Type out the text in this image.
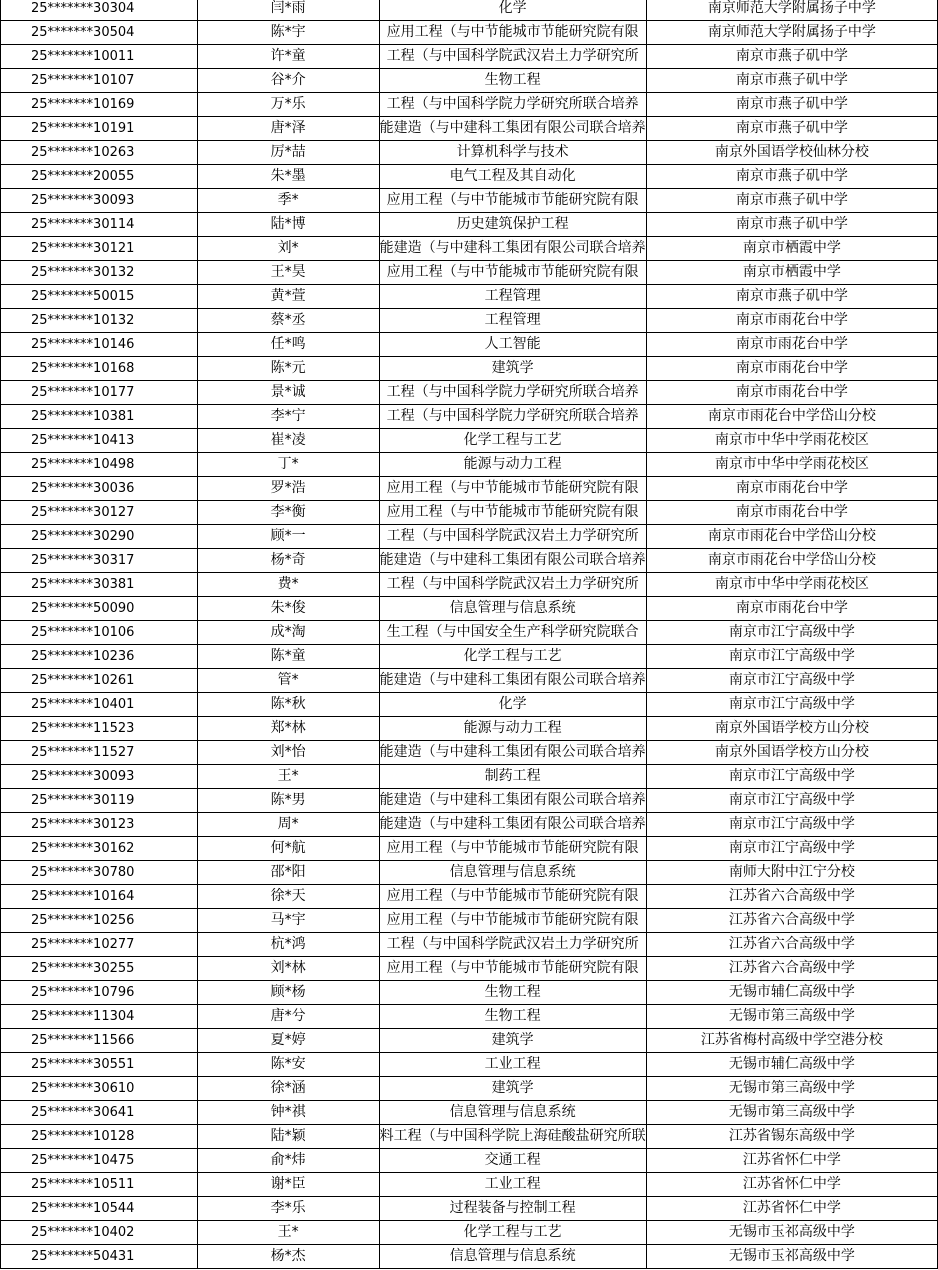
25*******30304	闫*雨	化学	南京师范大学附属扬子中学
25*******30504	陈*宇	应用工程（与中节能城市节能研究院有限	南京师范大学附属扬子中学
25*******10011	许*童	工程（与中国科学院武汉岩土力学研究所	南京市燕子矶中学
25*******10107	谷*介	生物工程	南京市燕子矶中学
25*******10169	万*乐	工程（与中国科学院力学研究所联合培养	南京市燕子矶中学
25*******10191	唐*泽	能建造（与中建科工集团有限公司联合培养	南京市燕子矶中学
25*******10263	厉*喆	计算机科学与技术	南京外国语学校仙林分校
25*******20055	朱*墨	电气工程及其自动化	南京市燕子矶中学
25*******30093	季*	应用工程（与中节能城市节能研究院有限	南京市燕子矶中学
25*******30114	陆*博	历史建筑保护工程	南京市燕子矶中学
25*******30121	刘*	能建造（与中建科工集团有限公司联合培养	南京市栖霞中学
25*******30132	王*昊	应用工程（与中节能城市节能研究院有限	南京市栖霞中学
25*******50015	黄*萱	工程管理	南京市燕子矶中学
25*******10132	蔡*丞	工程管理	南京市雨花台中学
25*******10146	任*鸣	人工智能	南京市雨花台中学
25*******10168	陈*元	建筑学	南京市雨花台中学
25*******10177	景*诚	工程（与中国科学院力学研究所联合培养	南京市雨花台中学
25*******10381	李*宁	工程（与中国科学院力学研究所联合培养	南京市雨花台中学岱山分校
25*******10413	崔*凌	化学工程与工艺	南京市中华中学雨花校区
25*******10498	丁*	能源与动力工程	南京市中华中学雨花校区
25*******30036	罗*浩	应用工程（与中节能城市节能研究院有限	南京市雨花台中学
25*******30127	李*衡	应用工程（与中节能城市节能研究院有限	南京市雨花台中学
25*******30290	顾*一	工程（与中国科学院武汉岩土力学研究所	南京市雨花台中学岱山分校
25*******30317	杨*奇	能建造（与中建科工集团有限公司联合培养	南京市雨花台中学岱山分校
25*******30381	费*	工程（与中国科学院武汉岩土力学研究所	南京市中华中学雨花校区
25*******50090	朱*俊	信息管理与信息系统	南京市雨花台中学
25*******10106	成*淘	生工程（与中国安全生产科学研究院联合	南京市江宁高级中学
25*******10236	陈*童	化学工程与工艺	南京市江宁高级中学
25*******10261	管*	能建造（与中建科工集团有限公司联合培养	南京市江宁高级中学
25*******10401	陈*秋	化学	南京市江宁高级中学
25*******11523	郑*林	能源与动力工程	南京外国语学校方山分校
25*******11527	刘*怡	能建造（与中建科工集团有限公司联合培养	南京外国语学校方山分校
25*******30093	王*	制药工程	南京市江宁高级中学
25*******30119	陈*男	能建造（与中建科工集团有限公司联合培养	南京市江宁高级中学
25*******30123	周*	能建造（与中建科工集团有限公司联合培养	南京市江宁高级中学
25*******30162	何*航	应用工程（与中节能城市节能研究院有限	南京市江宁高级中学
25*******30780	邵*阳	信息管理与信息系统	南师大附中江宁分校
25*******10164	徐*天	应用工程（与中节能城市节能研究院有限	江苏省六合高级中学
25*******10256	马*宇	应用工程（与中节能城市节能研究院有限	江苏省六合高级中学
25*******10277	杭*鸿	工程（与中国科学院武汉岩土力学研究所	江苏省六合高级中学
25*******30255	刘*林	应用工程（与中节能城市节能研究院有限	江苏省六合高级中学
25*******10796	顾*杨	生物工程	无锡市辅仁高级中学
25*******11304	唐*兮	生物工程	无锡市第三高级中学
25*******11566	夏*婷	建筑学	江苏省梅村高级中学空港分校
25*******30551	陈*安	工业工程	无锡市辅仁高级中学
25*******30610	徐*涵	建筑学	无锡市第三高级中学
25*******30641	钟*祺	信息管理与信息系统	无锡市第三高级中学
25*******10128	陆*颖	料工程（与中国科学院上海硅酸盐研究所联	江苏省锡东高级中学
25*******10475	俞*炜	交通工程	江苏省怀仁中学
25*******10511	谢*臣	工业工程	江苏省怀仁中学
25*******10544	李*乐	过程装备与控制工程	江苏省怀仁中学
25*******10402	王*	化学工程与工艺	无锡市玉祁高级中学
25*******50431	杨*杰	信息管理与信息系统	无锡市玉祁高级中学
